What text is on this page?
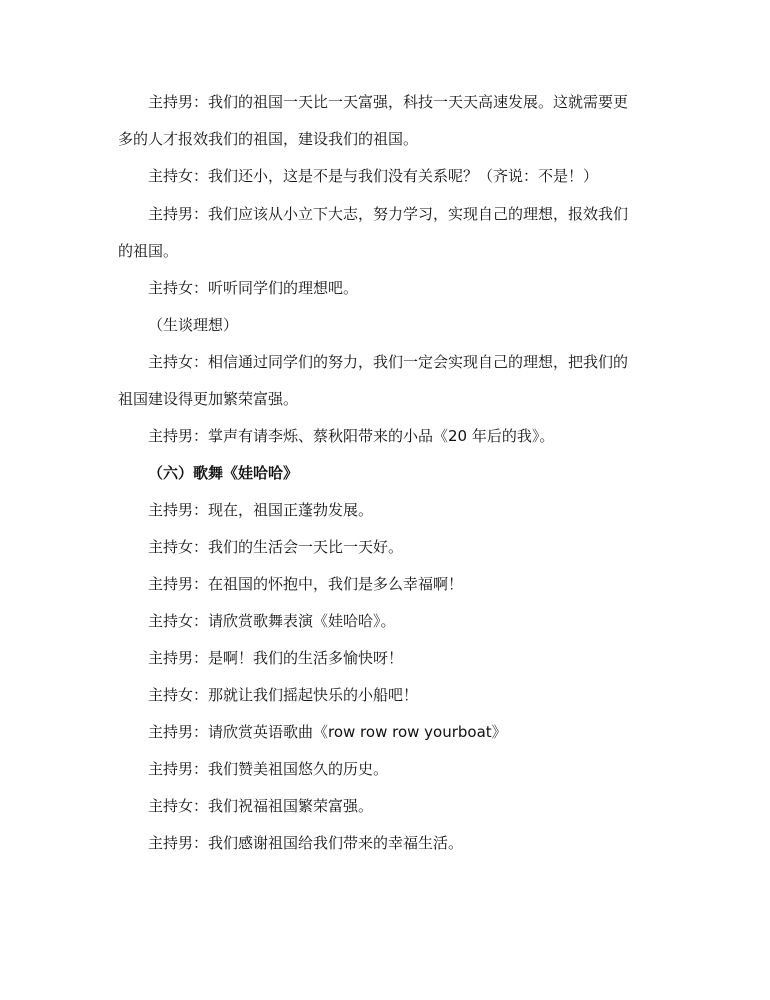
主持男：我们的祖国一天比一天富强，科技一天天高速发展。这就需要更
多的人才报效我们的祖国，建设我们的祖国。
主持女：我们还小，这是不是与我们没有关系呢？（齐说：不是！）
主持男：我们应该从小立下大志，努力学习，实现自己的理想，报效我们
的祖国。
主持女：听听同学们的理想吧。
（生谈理想）
主持女：相信通过同学们的努力，我们一定会实现自己的理想，把我们的
祖国建设得更加繁荣富强。
主持男：掌声有请李烁、蔡秋阳带来的小品《20 年后的我》。
（六）歌舞《娃哈哈》
主持男：现在，祖国正蓬勃发展。
主持女：我们的生活会一天比一天好。
主持男：在祖国的怀抱中，我们是多么幸福啊！
主持女：请欣赏歌舞表演《娃哈哈》。
主持男：是啊！我们的生活多愉快呀！
主持女：那就让我们摇起快乐的小船吧！
主持男：请欣赏英语歌曲《row row row yourboat》
主持男：我们赞美祖国悠久的历史。
主持女：我们祝福祖国繁荣富强。
主持男：我们感谢祖国给我们带来的幸福生活。
